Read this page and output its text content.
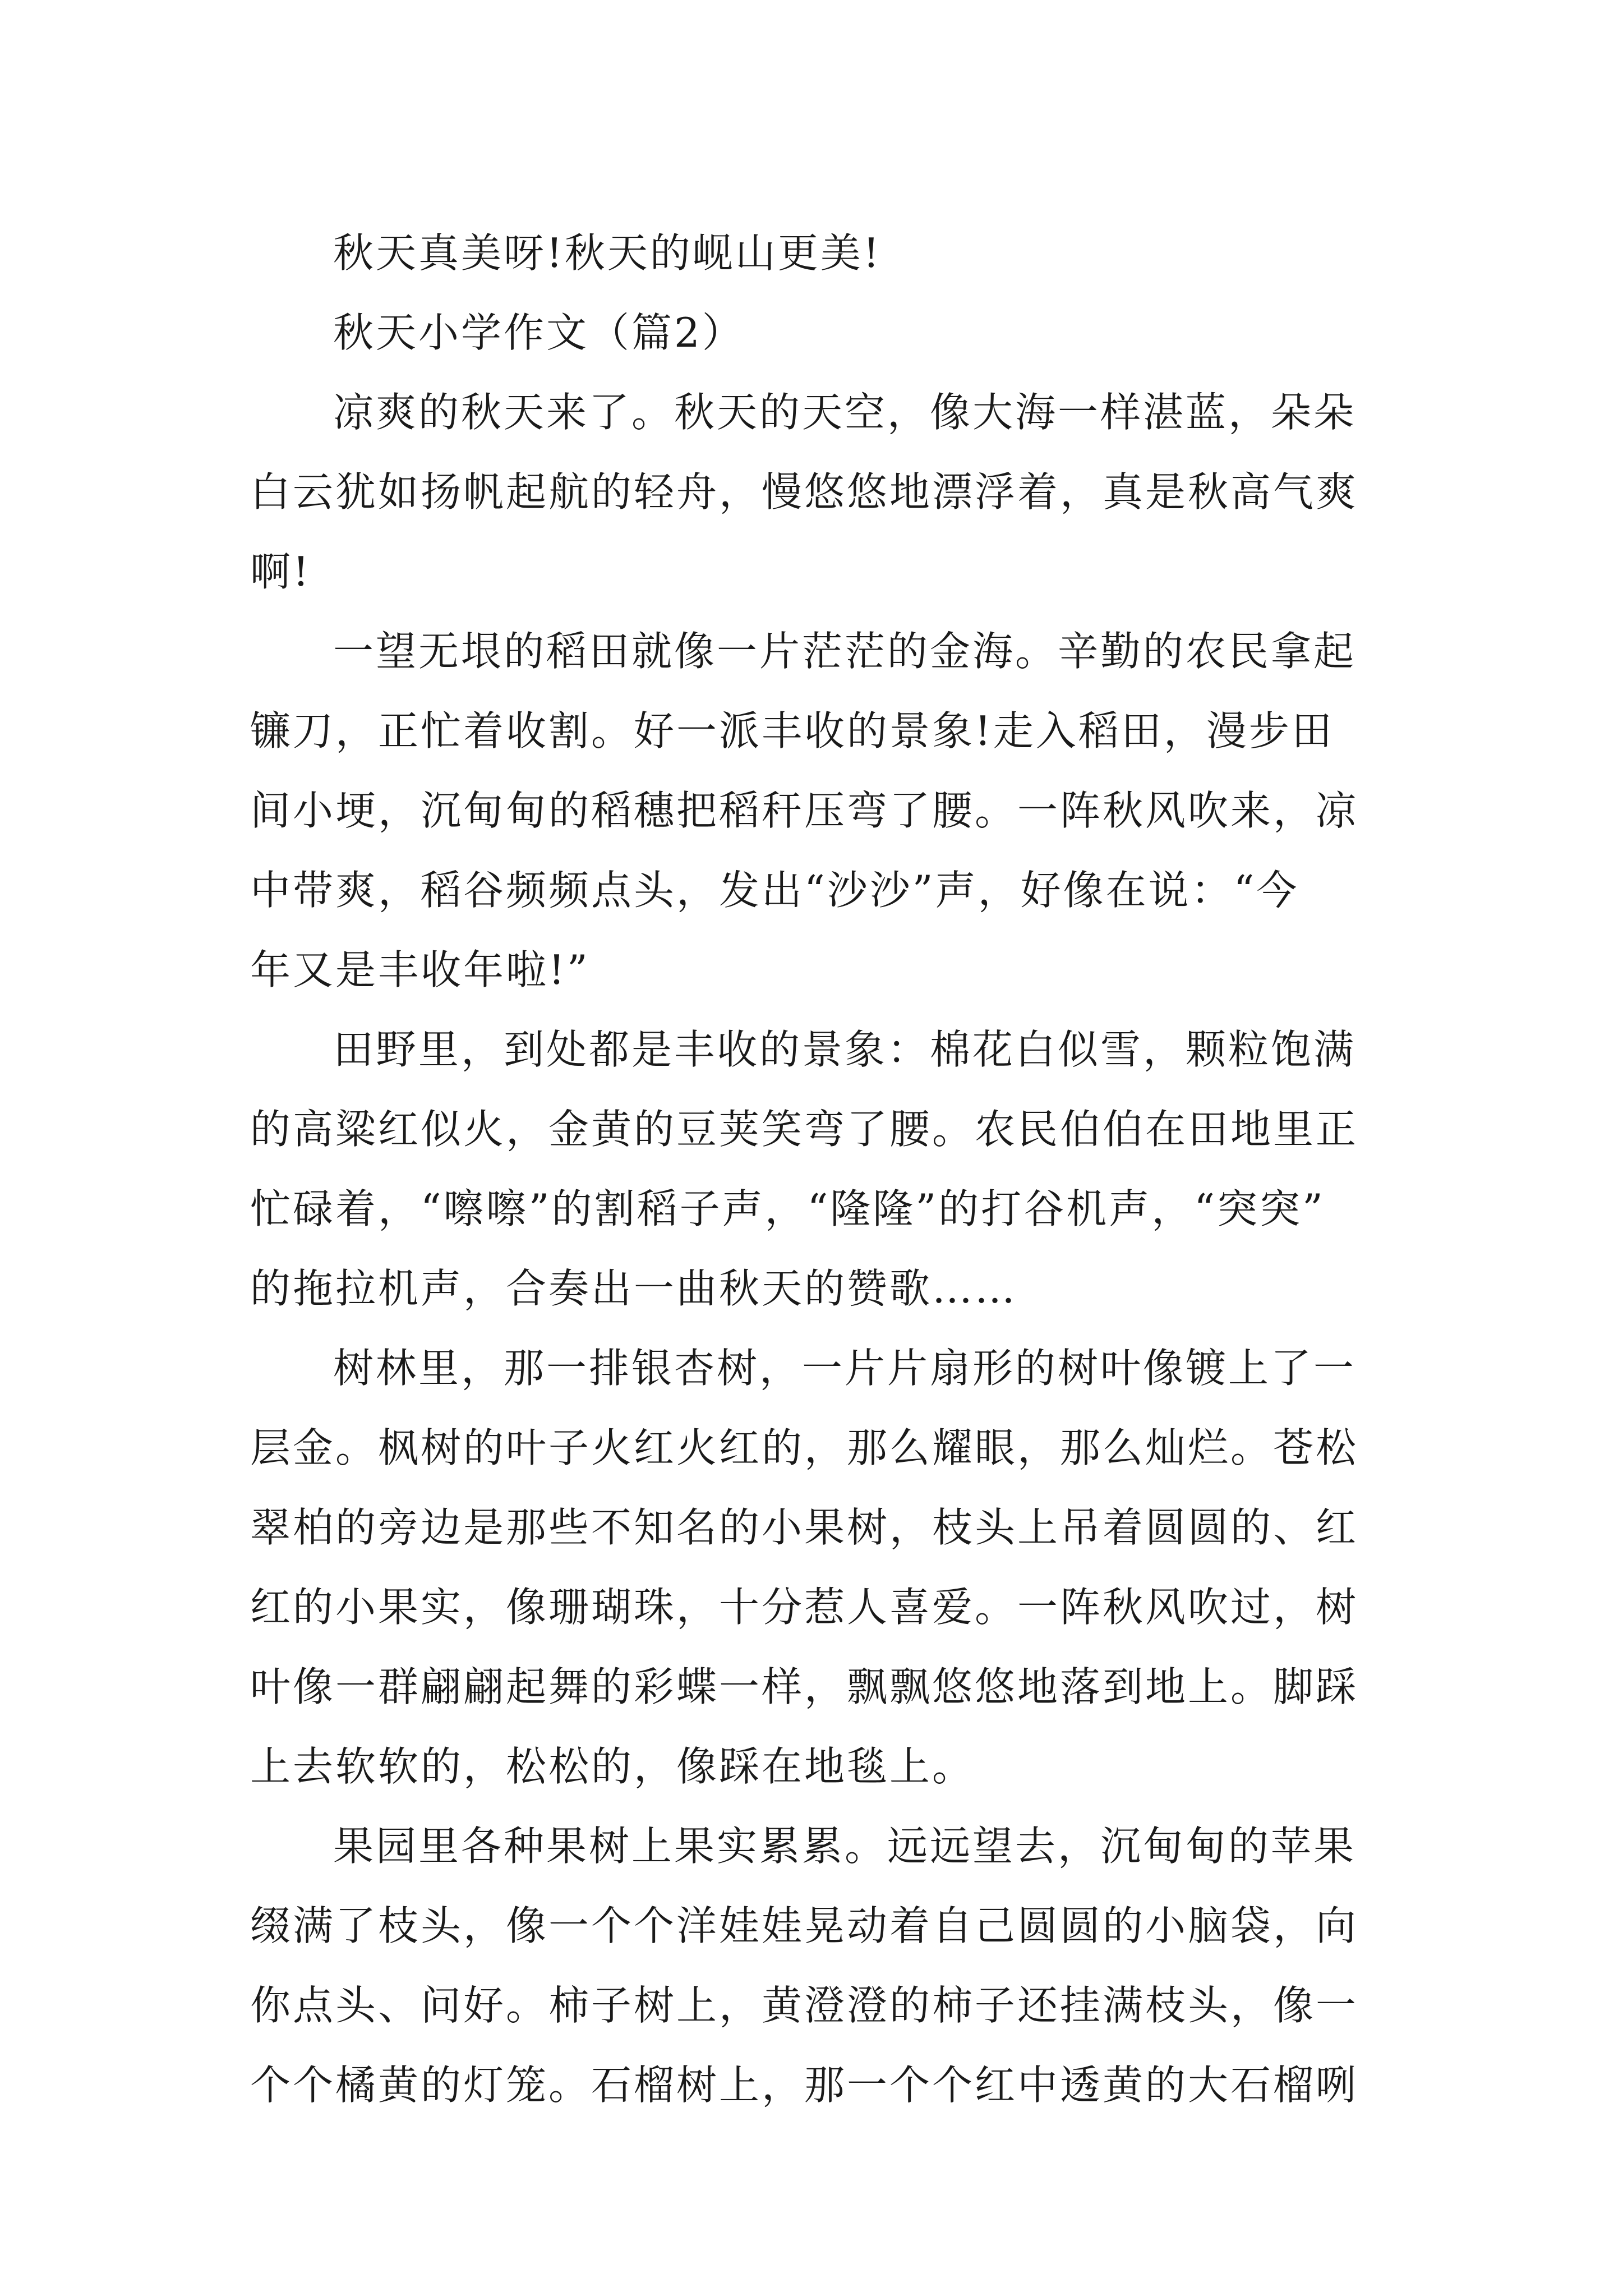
秋天真美呀!秋天的岘山更美!
秋天小学作文（篇2）
凉爽的秋天来了。秋天的天空，像大海一样湛蓝，朵朵
白云犹如扬帆起航的轻舟，慢悠悠地漂浮着，真是秋高气爽
啊!
一望无垠的稻田就像一片茫茫的金海。辛勤的农民拿起
镰刀，正忙着收割。好一派丰收的景象!走入稻田，漫步田
间小埂，沉甸甸的稻穗把稻秆压弯了腰。一阵秋风吹来，凉
中带爽，稻谷频频点头，发出“沙沙”声，好像在说：“今
年又是丰收年啦!”
田野里，到处都是丰收的景象：棉花白似雪，颗粒饱满
的高粱红似火，金黄的豆荚笑弯了腰。农民伯伯在田地里正
忙碌着，“嚓嚓”的割稻子声，“隆隆”的打谷机声，“突突”
的拖拉机声，合奏出一曲秋天的赞歌……
树林里，那一排银杏树，一片片扇形的树叶像镀上了一
层金。枫树的叶子火红火红的，那么耀眼，那么灿烂。苍松
翠柏的旁边是那些不知名的小果树，枝头上吊着圆圆的、红
红的小果实，像珊瑚珠，十分惹人喜爱。一阵秋风吹过，树
叶像一群翩翩起舞的彩蝶一样，飘飘悠悠地落到地上。脚踩
上去软软的，松松的，像踩在地毯上。
果园里各种果树上果实累累。远远望去，沉甸甸的苹果
缀满了枝头，像一个个洋娃娃晃动着自己圆圆的小脑袋，向
你点头、问好。柿子树上，黄澄澄的柿子还挂满枝头，像一
个个橘黄的灯笼。石榴树上，那一个个红中透黄的大石榴咧
